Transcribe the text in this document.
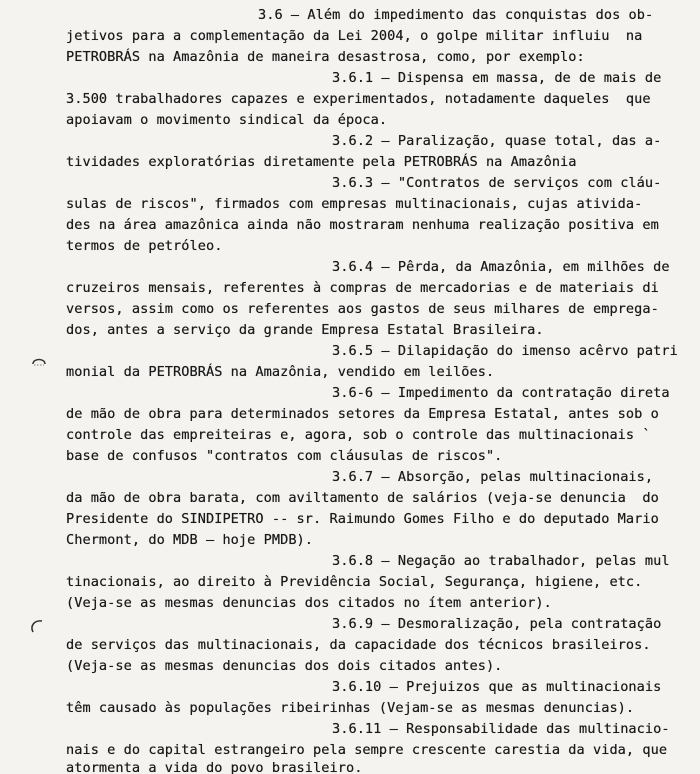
3.6 — Além do impedimento das conquistas dos ob-
jetivos para a complementação da Lei 2004, o golpe militar influiu  na
PETROBRÁS na Amazônia de maneira desastrosa, como, por exemplo:
3.6.1 — Dispensa em massa, de de mais de
3.500 trabalhadores capazes e experimentados, notadamente daqueles  que
apoiavam o movimento sindical da época.
3.6.2 — Paralização, quase total, das a-
tividades exploratórias diretamente pela PETROBRÁS na Amazônia
3.6.3 — "Contratos de serviços com cláu-
sulas de riscos", firmados com empresas multinacionais, cujas ativida-
des na área amazônica ainda não mostraram nenhuma realização positiva em
termos de petróleo.
3.6.4 — Pêrda, da Amazônia, em milhões de
cruzeiros mensais, referentes à compras de mercadorias e de materiais di
versos, assim como os referentes aos gastos de seus milhares de emprega-
dos, antes a serviço da grande Empresa Estatal Brasileira.
3.6.5 — Dilapidação do imenso acêrvo patri
monial da PETROBRÁS na Amazônia, vendido em leilões.
3.6-6 — Impedimento da contratação direta
de mão de obra para determinados setores da Empresa Estatal, antes sob o
controle das empreiteiras e, agora, sob o controle das multinacionais `
base de confusos "contratos com cláusulas de riscos".
3.6.7 — Absorção, pelas multinacionais,
da mão de obra barata, com aviltamento de salários (veja-se denuncia  do
Presidente do SINDIPETRO -- sr. Raimundo Gomes Filho e do deputado Mario
Chermont, do MDB — hoje PMDB).
3.6.8 — Negação ao trabalhador, pelas mul
tinacionais, ao direito à Previdência Social, Segurança, higiene, etc.
(Veja-se as mesmas denuncias dos citados no ítem anterior).
3.6.9 — Desmoralização, pela contratação
de serviços das multinacionais, da capacidade dos técnicos brasileiros.
(Veja-se as mesmas denuncias dos dois citados antes).
3.6.10 — Prejuizos que as multinacionais
têm causado às populações ribeirinhas (Vejam-se as mesmas denuncias).
3.6.11 — Responsabilidade das multinacio-
nais e do capital estrangeiro pela sempre crescente carestia da vida, que
atormenta a vida do povo brasileiro.
